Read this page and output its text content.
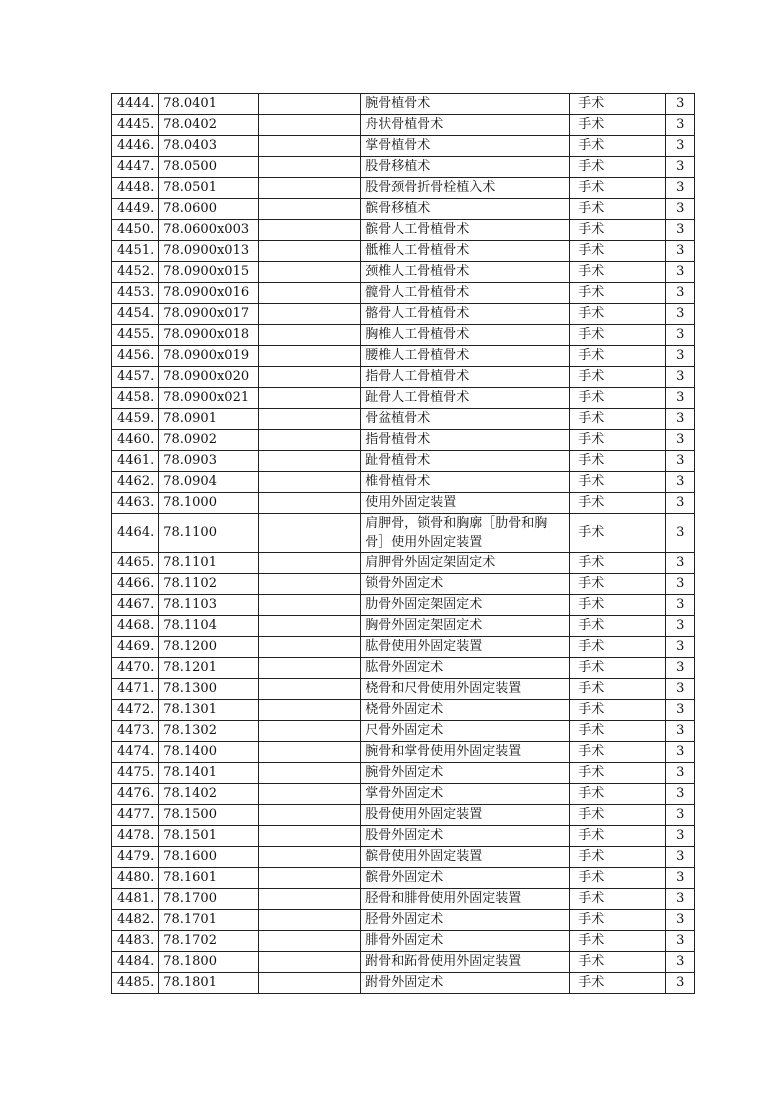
4444.	78.0401		腕骨植骨术	手术	3
4445.	78.0402		舟状骨植骨术	手术	3
4446.	78.0403		掌骨植骨术	手术	3
4447.	78.0500		股骨移植术	手术	3
4448.	78.0501		股骨颈骨折骨栓植入术	手术	3
4449.	78.0600		髌骨移植术	手术	3
4450.	78.0600x003		髌骨人工骨植骨术	手术	3
4451.	78.0900x013		骶椎人工骨植骨术	手术	3
4452.	78.0900x015		颈椎人工骨植骨术	手术	3
4453.	78.0900x016		髋骨人工骨植骨术	手术	3
4454.	78.0900x017		髂骨人工骨植骨术	手术	3
4455.	78.0900x018		胸椎人工骨植骨术	手术	3
4456.	78.0900x019		腰椎人工骨植骨术	手术	3
4457.	78.0900x020		指骨人工骨植骨术	手术	3
4458.	78.0900x021		趾骨人工骨植骨术	手术	3
4459.	78.0901		骨盆植骨术	手术	3
4460.	78.0902		指骨植骨术	手术	3
4461.	78.0903		趾骨植骨术	手术	3
4462.	78.0904		椎骨植骨术	手术	3
4463.	78.1000		使用外固定装置	手术	3
4464.	78.1100		肩胛骨，锁骨和胸廓［肋骨和胸骨］使用外固定装置	手术	3
4465.	78.1101		肩胛骨外固定架固定术	手术	3
4466.	78.1102		锁骨外固定术	手术	3
4467.	78.1103		肋骨外固定架固定术	手术	3
4468.	78.1104		胸骨外固定架固定术	手术	3
4469.	78.1200		肱骨使用外固定装置	手术	3
4470.	78.1201		肱骨外固定术	手术	3
4471.	78.1300		桡骨和尺骨使用外固定装置	手术	3
4472.	78.1301		桡骨外固定术	手术	3
4473.	78.1302		尺骨外固定术	手术	3
4474.	78.1400		腕骨和掌骨使用外固定装置	手术	3
4475.	78.1401		腕骨外固定术	手术	3
4476.	78.1402		掌骨外固定术	手术	3
4477.	78.1500		股骨使用外固定装置	手术	3
4478.	78.1501		股骨外固定术	手术	3
4479.	78.1600		髌骨使用外固定装置	手术	3
4480.	78.1601		髌骨外固定术	手术	3
4481.	78.1700		胫骨和腓骨使用外固定装置	手术	3
4482.	78.1701		胫骨外固定术	手术	3
4483.	78.1702		腓骨外固定术	手术	3
4484.	78.1800		跗骨和跖骨使用外固定装置	手术	3
4485.	78.1801		跗骨外固定术	手术	3
